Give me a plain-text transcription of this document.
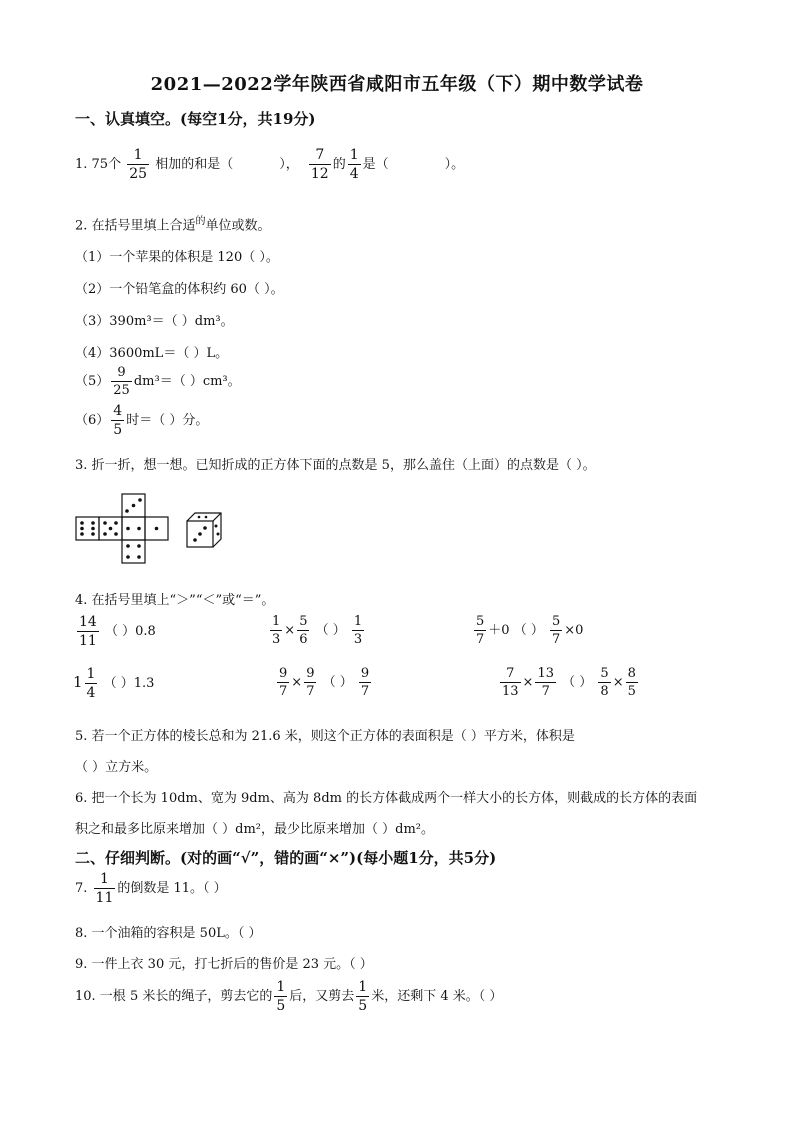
2021—2022学年陕西省咸阳市五年级（下）期中数学试卷
一、认真填空。(每空1分，共19分)
1. 75个 $\frac{1}{25}$ 相加的和是（	）， $\frac{7}{12}$ 的 $\frac{1}{4}$ 是（	）。
2. 在括号里填上合适$^的$单位或数。
（1）一个苹果的体积是 120（ ）。
（2）一个铅笔盒的体积约 60（ ）。
（3）390m³＝（ ）dm³。
（4）3600mL＝（ ）L。
$(5) \frac{9}{25} dm^3=$（ ）cm³。
$(6) \frac{4}{5}$ 时＝（ ）分。
3. 折一折，想一想。已知折成的正方体下面的点数是 5，那么盖住（上面）的点数是（ ）。
4. 在括号里填上“＞”“＜”或“＝”。
$\frac{14}{11}$ （ ）0.8	$\frac{1}{3} \times \frac{5}{6}$ （ ） $\frac{1}{3}$	$\frac{5}{7} +0$ （ ） $\frac{5}{7} \times 0$
$1 \frac{1}{4}$ （ ）1.3	$\frac{9}{7} \times \frac{9}{7}$ （ ） $\frac{9}{7}$	$\frac{7}{13} \times \frac{13}{7}$ （ ） $\frac{5}{8} \times \frac{8}{5}$
5. 若一个正方体的棱长总和为 21.6 米，则这个正方体的表面积是（ ）平方米，体积是
（ ）立方米。
6. 把一个长为 10dm、宽为 9dm、高为 8dm 的长方体截成两个一样大小的长方体，则截成的长方体的表面
积之和最多比原来增加（ ）dm²，最少比原来增加（ ）dm²。
二、仔细判断。(对的画“√”，错的画“×”)(每小题1分，共5分)
7. $\frac{1}{11}$ 的倒数是 11。（ ）
8. 一个油箱的容积是 50L。（ ）
9. 一件上衣 30 元，打七折后的售价是 23 元。（ ）
10. 一根 5 米长的绳子，剪去它的 $\frac{1}{5}$ 后，又剪去 $\frac{1}{5}$ 米，还剩下 4 米。（ ）
